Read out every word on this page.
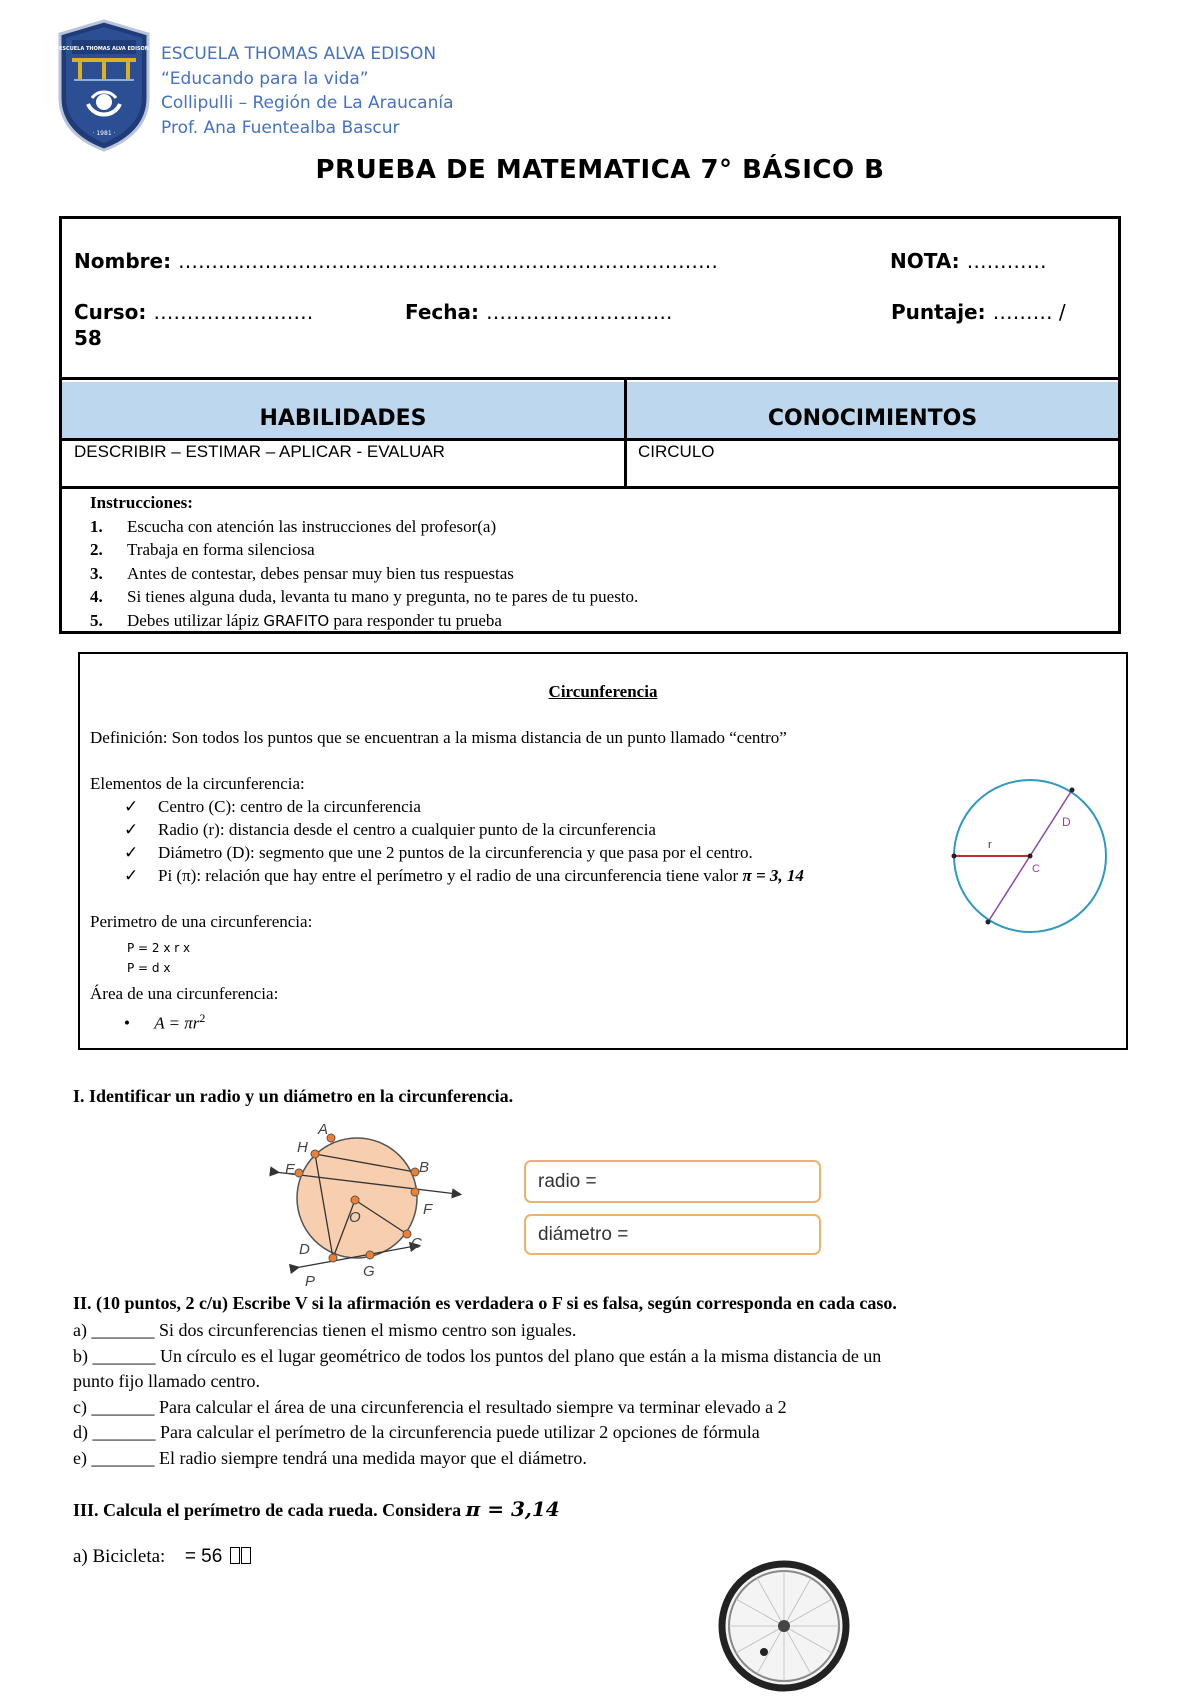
ESCUELA THOMAS ALVA EDISON
· 1981 ·
ESCUELA THOMAS ALVA EDISON
“Educando para la vida”
Collipulli – Región de La Araucanía
Prof. Ana Fuentealba Bascur
PRUEBA DE MATEMATICA 7° BÁSICO B
Nombre: ………………………………………………………………………	NOTA: …………
Curso: ……………………	Fecha: ……………………….	Puntaje: ……… /
58
HABILIDADES	CONOCIMIENTOS
DESCRIBIR – ESTIMAR – APLICAR - EVALUAR	CIRCULO
Instrucciones:
1. Escucha con atención las instrucciones del profesor(a)
2. Trabaja en forma silenciosa
3. Antes de contestar, debes pensar muy bien tus respuestas
4. Si tienes alguna duda, levanta tu mano y pregunta, no te pares de tu puesto.
5. Debes utilizar lápiz GRAFITO para responder tu prueba
Circunferencia
Definición: Son todos los puntos que se encuentran a la misma distancia de un punto llamado “centro”
Elementos de la circunferencia:
✓ Centro (C): centro de la circunferencia
✓ Radio (r): distancia desde el centro a cualquier punto de la circunferencia
✓ Diámetro (D): segmento que une 2 puntos de la circunferencia y que pasa por el centro.
✓ Pi (π): relación que hay entre el perímetro y el radio de una circunferencia tiene valor π = 3, 14
Perimetro de una circunferencia:
P = 2 x r x
P = d x
Área de una circunferencia:
• $A = \pi r^2$
r
D
C
I. Identificar un radio y un diámetro en la circunferencia.
A
H
E	B
F
O
C
D
G
P
radio =
diámetro =
II. (10 puntos, 2 c/u) Escribe V si la afirmación es verdadera o F si es falsa, según corresponda en cada caso.
a) _______ Si dos circunferencias tienen el mismo centro son iguales.
b) _______ Un círculo es el lugar geométrico de todos los puntos del plano que están a la misma distancia de un
punto fijo llamado centro.
c) _______ Para calcular el área de una circunferencia el resultado siempre va terminar elevado a 2
d) _______ Para calcular el perímetro de la circunferencia puede utilizar 2 opciones de fórmula
e) _______ El radio siempre tendrá una medida mayor que el diámetro.
III. Calcula el perímetro de cada rueda. Considera π = 3,14
a) Bicicleta: = 56
